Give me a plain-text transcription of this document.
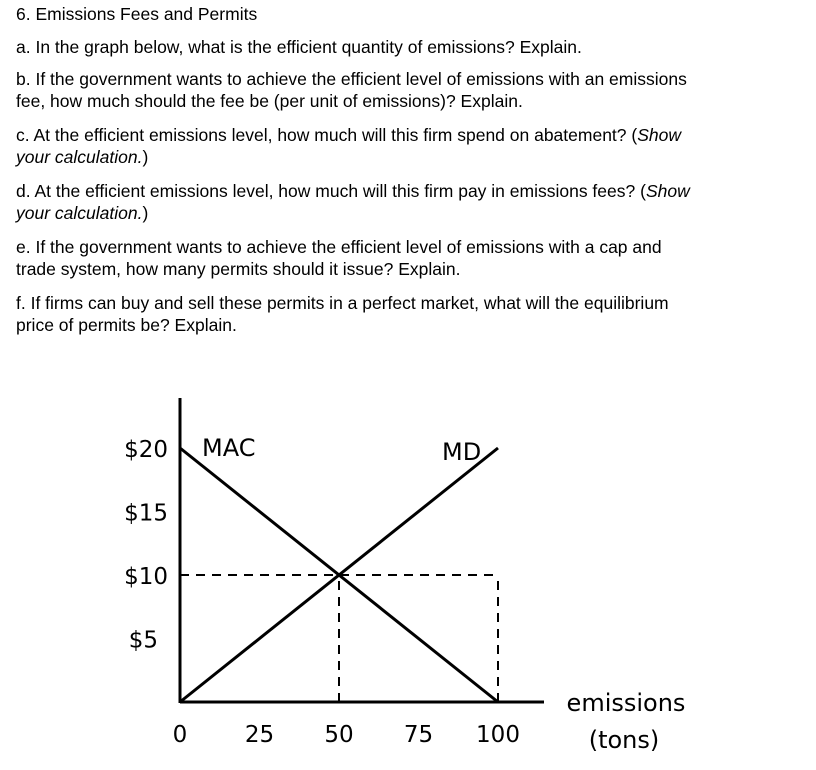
6. Emissions Fees and Permits
a. In the graph below, what is the efficient quantity of emissions? Explain.
b. If the government wants to achieve the efficient level of emissions with an emissions
fee, how much should the fee be (per unit of emissions)? Explain.
c. At the efficient emissions level, how much will this firm spend on abatement? (Show
your calculation.)
d. At the efficient emissions level, how much will this firm pay in emissions fees? (Show
your calculation.)
e. If the government wants to achieve the efficient level of emissions with a cap and
trade system, how many permits should it issue? Explain.
f. If firms can buy and sell these permits in a perfect market, what will the equilibrium
price of permits be? Explain.
MAC	MD
$20
$15
$10
$5
0	25 50 75 100
emissions
(tons)
